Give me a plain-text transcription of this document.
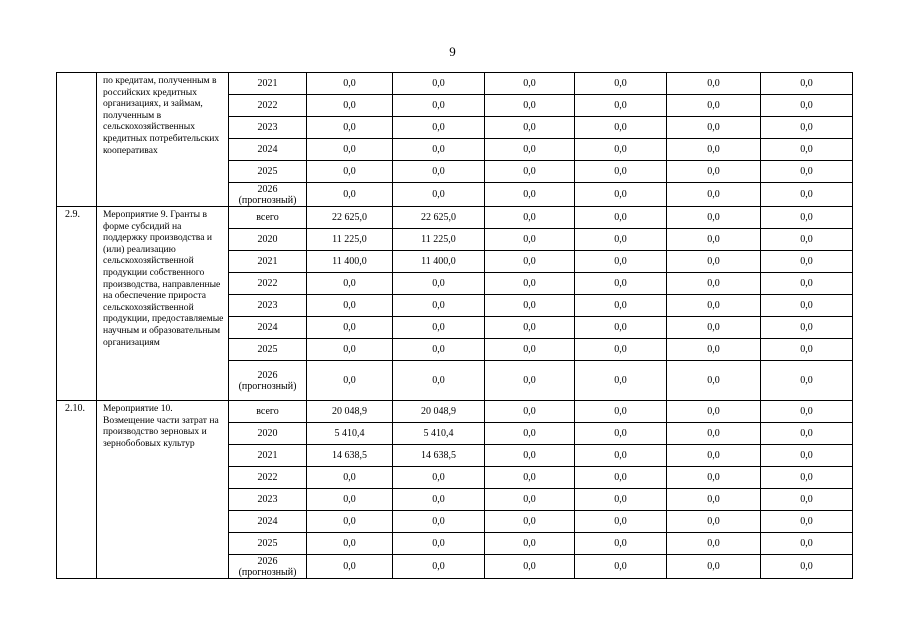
9
	по кредитам, полученным в российских кредитных организациях, и займам, полученным в сельскохозяйственных кредитных потребительских кооперативах	2021	0,0	0,0	0,0	0,0	0,0	0,0

		2022	0,0	0,0	0,0	0,0	0,0	0,0

		2023	0,0	0,0	0,0	0,0	0,0	0,0

		2024	0,0	0,0	0,0	0,0	0,0	0,0

		2025	0,0	0,0	0,0	0,0	0,0	0,0

		2026
(прогнозный)	0,0	0,0	0,0	0,0	0,0	0,0
2.9.	Мероприятие 9. Гранты в форме субсидий на поддержку производства и (или) реализацию сельскохозяйственной продукции собственного производства, направленные на обеспечение прироста сельскохозяйственной продукции, предоставляемые научным и образовательным организациям	всего	22 625,0	22 625,0	0,0	0,0	0,0	0,0

		2020	11 225,0	11 225,0	0,0	0,0	0,0	0,0

		2021	11 400,0	11 400,0	0,0	0,0	0,0	0,0

		2022	0,0	0,0	0,0	0,0	0,0	0,0

		2023	0,0	0,0	0,0	0,0	0,0	0,0

		2024	0,0	0,0	0,0	0,0	0,0	0,0

		2025	0,0	0,0	0,0	0,0	0,0	0,0

		2026
(прогнозный)	0,0	0,0	0,0	0,0	0,0	0,0
2.10.	Мероприятие 10. Возмещение части затрат на производство зерновых и зернобобовых культур	всего	20 048,9	20 048,9	0,0	0,0	0,0	0,0

		2020	5 410,4	5 410,4	0,0	0,0	0,0	0,0

		2021	14 638,5	14 638,5	0,0	0,0	0,0	0,0

		2022	0,0	0,0	0,0	0,0	0,0	0,0

		2023	0,0	0,0	0,0	0,0	0,0	0,0

		2024	0,0	0,0	0,0	0,0	0,0	0,0

		2025	0,0	0,0	0,0	0,0	0,0	0,0

		2026
(прогнозный)	0,0	0,0	0,0	0,0	0,0	0,0
